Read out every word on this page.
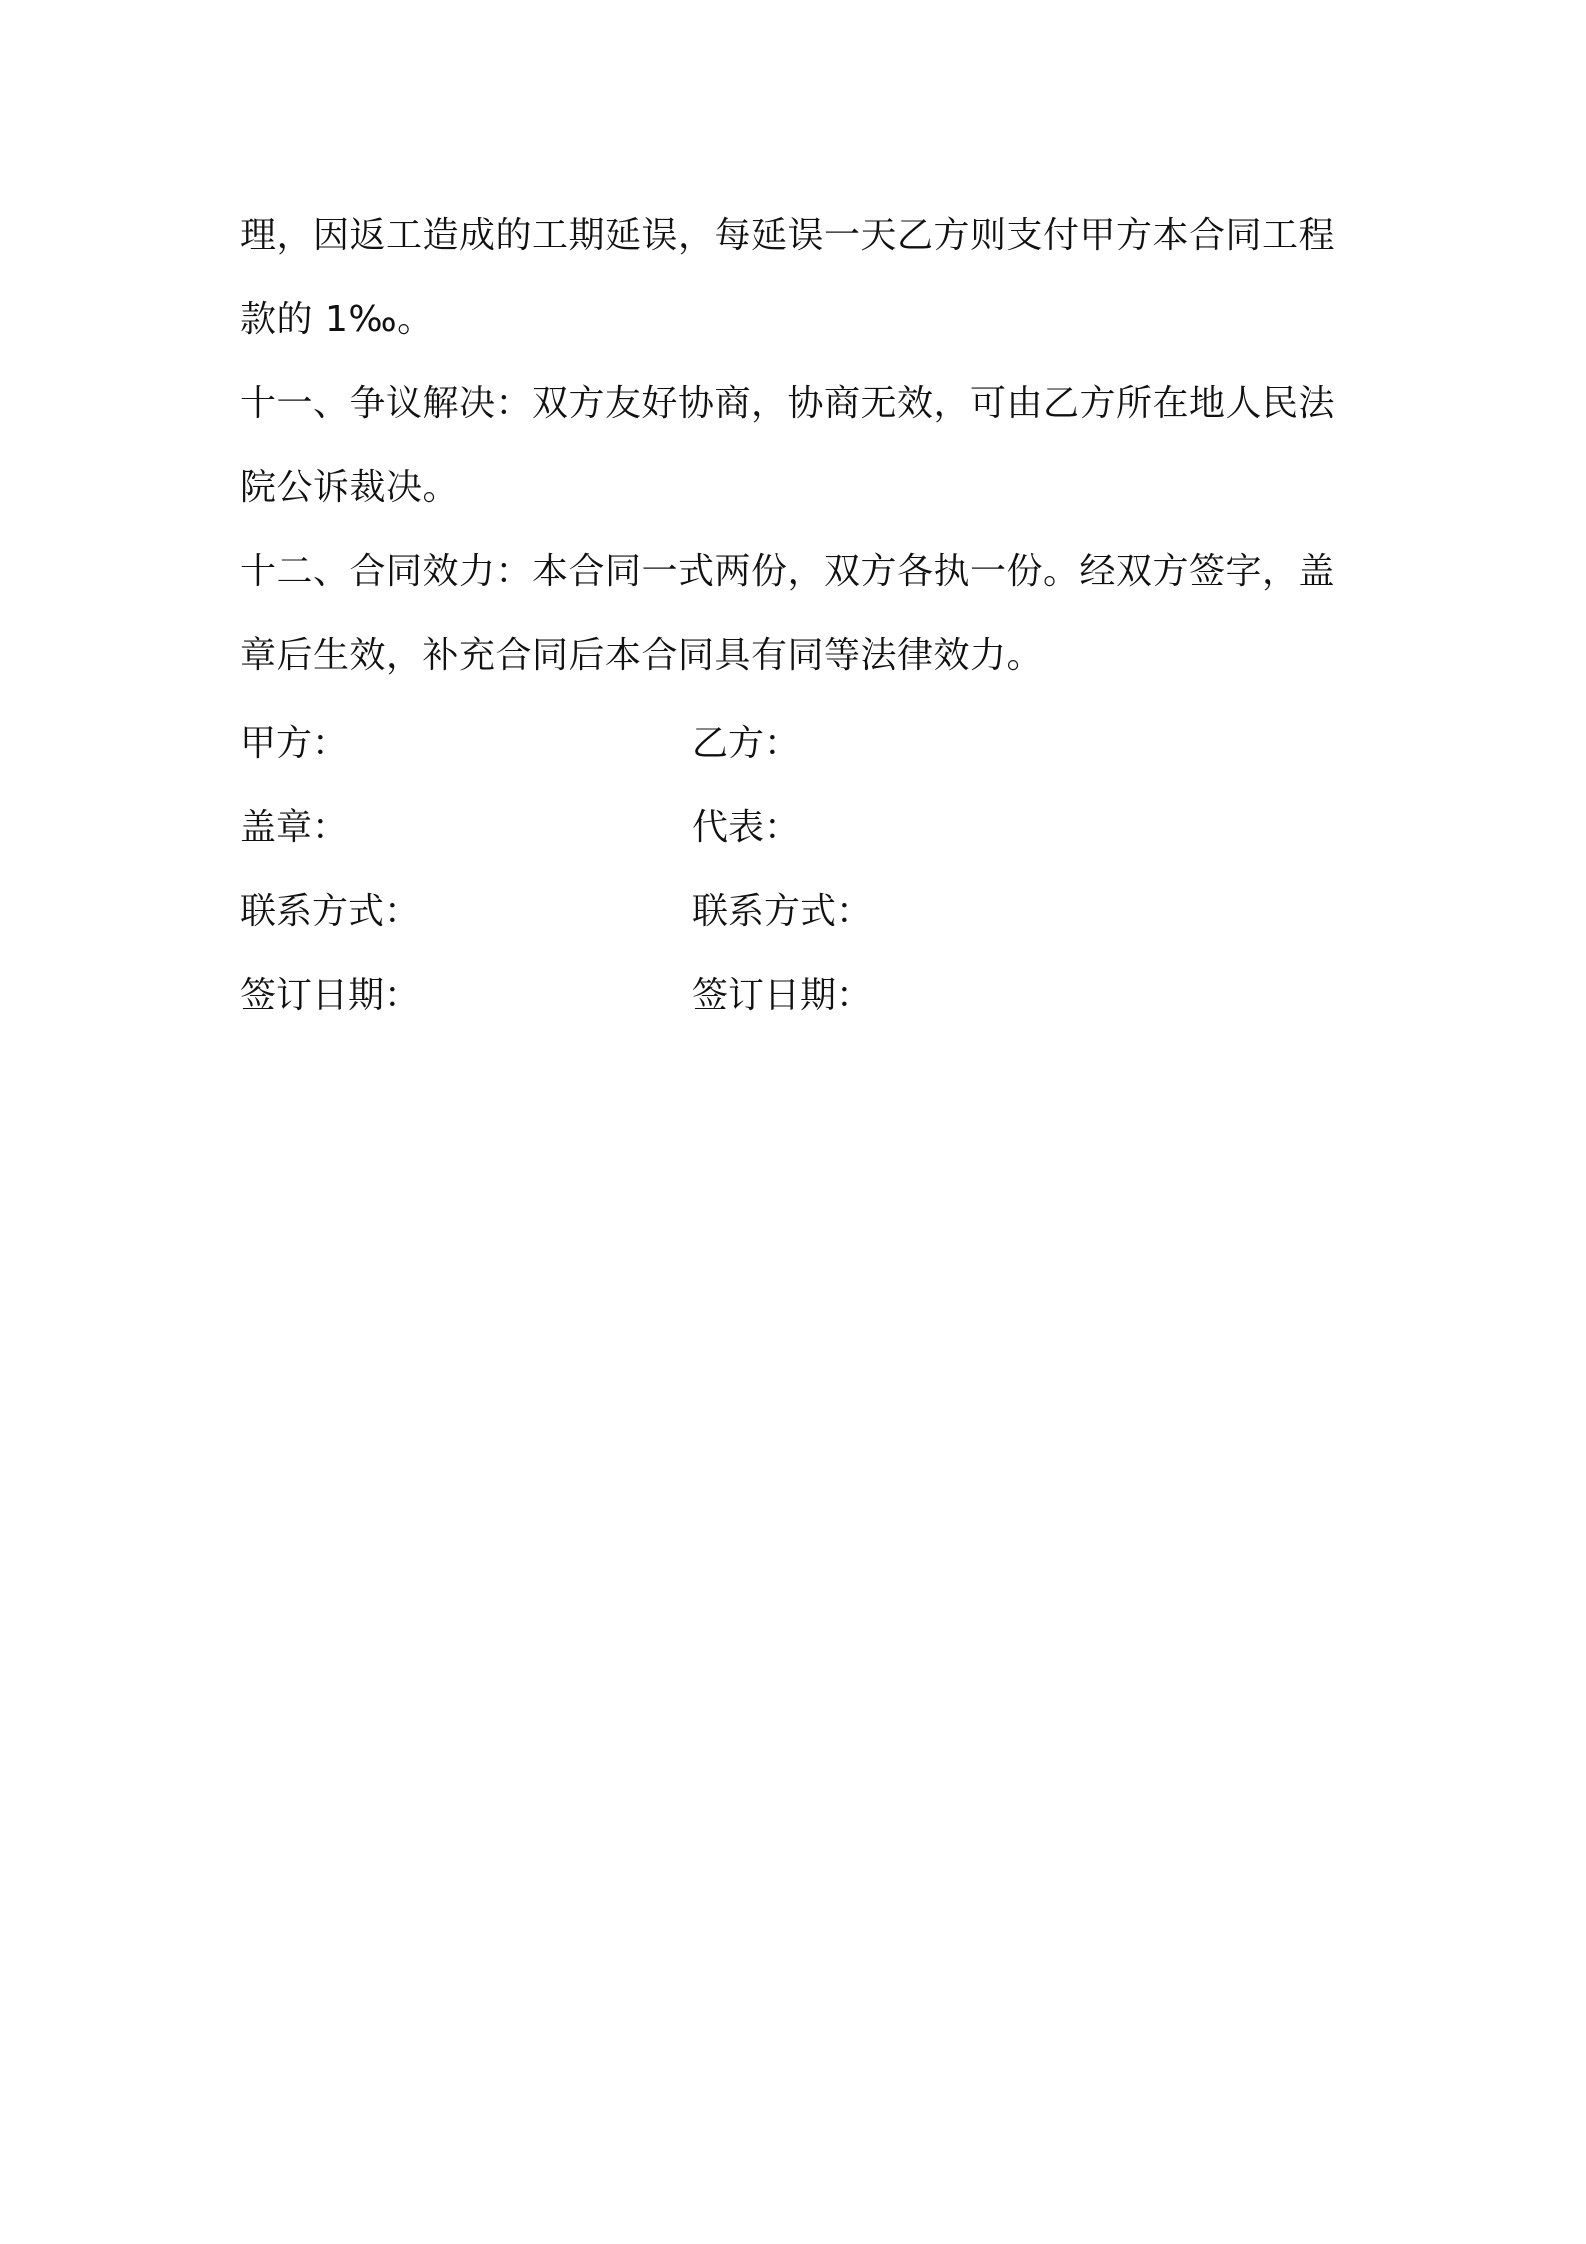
理，因返工造成的工期延误，每延误一天乙方则支付甲方本合同工程款的 1‰。

十一、争议解决：双方友好协商，协商无效，可由乙方所在地人民法院公诉裁决。

十二、合同效力：本合同一式两份，双方各执一份。经双方签字，盖章后生效，补充合同后本合同具有同等法律效力。

甲方：	乙方：
盖章：	代表：
联系方式：	联系方式：
签订日期：	签订日期：
